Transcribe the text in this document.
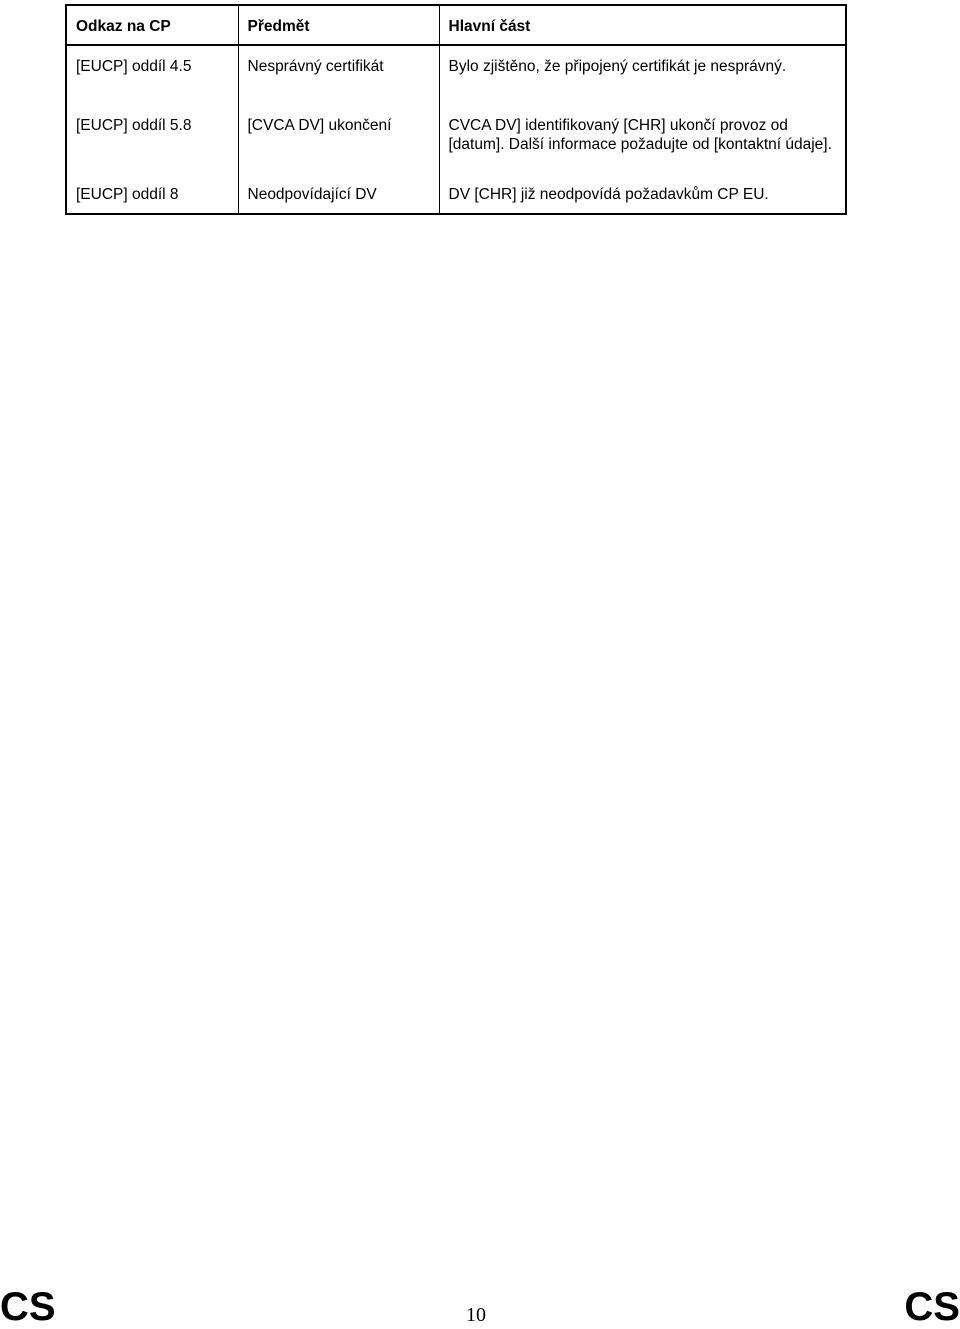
Odkaz na CP	Předmět	Hlavní část
[EUCP] oddíl 4.5	Nesprávný certifikát	Bylo zjištěno, že připojený certifikát je nesprávný.
[EUCP] oddíl 5.8	[CVCA DV] ukončení	CVCA DV] identifikovaný [CHR] ukončí provoz od [datum]. Další informace požadujte od [kontaktní údaje].
[EUCP] oddíl 8	Neodpovídající DV	DV [CHR] již neodpovídá požadavkům CP EU.
CS	10	CS
